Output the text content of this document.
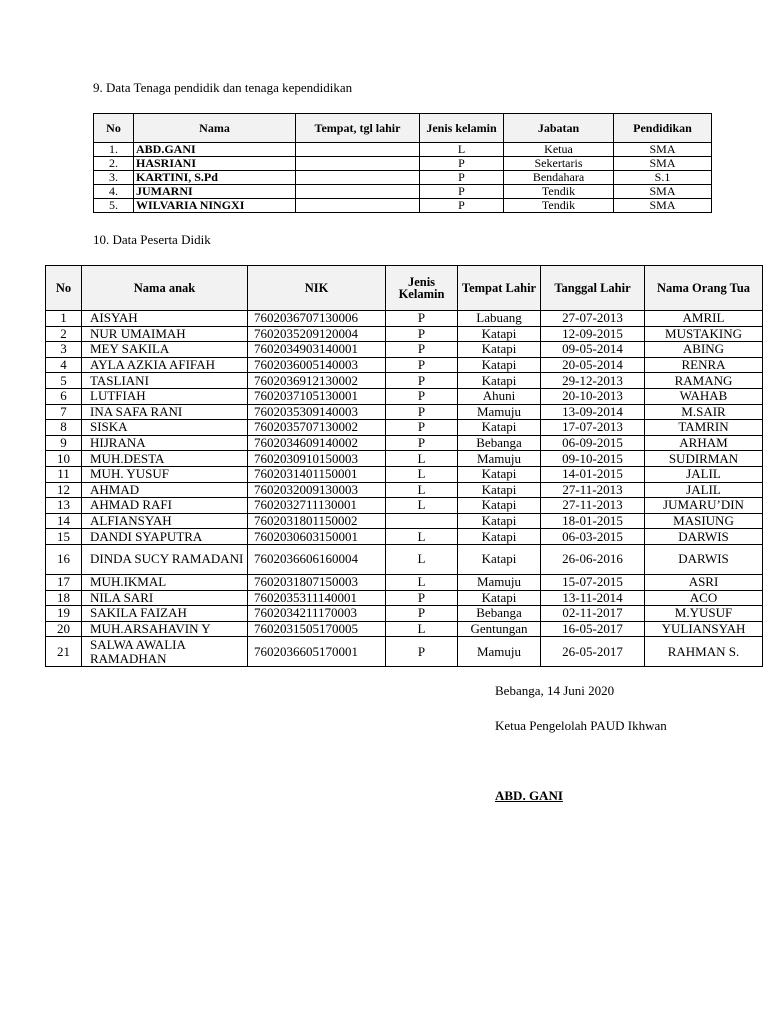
9. Data Tenaga pendidik dan tenaga kependidikan
No	Nama	Tempat, tgl lahir	Jenis kelamin	Jabatan	Pendidikan
1.	ABD.GANI		L	Ketua	SMA
2.	HASRIANI		P	Sekertaris	SMA
3.	KARTINI, S.Pd		P	Bendahara	S.1
4.	JUMARNI		P	Tendik	SMA
5.	WILVARIA NINGXI		P	Tendik	SMA
10. Data Peserta Didik
No	Nama anak	NIK	Jenis Kelamin	Tempat Lahir	Tanggal Lahir	Nama Orang Tua
1	AISYAH	7602036707130006	P	Labuang	27-07-2013	AMRIL
2	NUR UMAIMAH	7602035209120004	P	Katapi	12-09-2015	MUSTAKING
3	MEY SAKILA	7602034903140001	P	Katapi	09-05-2014	ABING
4	AYLA AZKIA AFIFAH	7602036005140003	P	Katapi	20-05-2014	RENRA
5	TASLIANI	7602036912130002	P	Katapi	29-12-2013	RAMANG
6	LUTFIAH	7602037105130001	P	Ahuni	20-10-2013	WAHAB
7	INA SAFA RANI	7602035309140003	P	Mamuju	13-09-2014	M.SAIR
8	SISKA	7602035707130002	P	Katapi	17-07-2013	TAMRIN
9	HIJRANA	7602034609140002	P	Bebanga	06-09-2015	ARHAM
10	MUH.DESTA	7602030910150003	L	Mamuju	09-10-2015	SUDIRMAN
11	MUH. YUSUF	7602031401150001	L	Katapi	14-01-2015	JALIL
12	AHMAD	7602032009130003	L	Katapi	27-11-2013	JALIL
13	AHMAD RAFI	7602032711130001	L	Katapi	27-11-2013	JUMARU’DIN
14	ALFIANSYAH	7602031801150002		Katapi	18-01-2015	MASIUNG
15	DANDI SYAPUTRA	7602030603150001	L	Katapi	06-03-2015	DARWIS
16	DINDA SUCY RAMADANI	7602036606160004	L	Katapi	26-06-2016	DARWIS
17	MUH.IKMAL	7602031807150003	L	Mamuju	15-07-2015	ASRI
18	NILA SARI	7602035311140001	P	Katapi	13-11-2014	ACO
19	SAKILA FAIZAH	7602034211170003	P	Bebanga	02-11-2017	M.YUSUF
20	MUH.ARSAHAVIN Y	7602031505170005	L	Gentungan	16-05-2017	YULIANSYAH
21	SALWA AWALIA RAMADHAN	7602036605170001	P	Mamuju	26-05-2017	RAHMAN S.
Bebanga, 14 Juni 2020
Ketua Pengelolah PAUD Ikhwan
ABD. GANI
